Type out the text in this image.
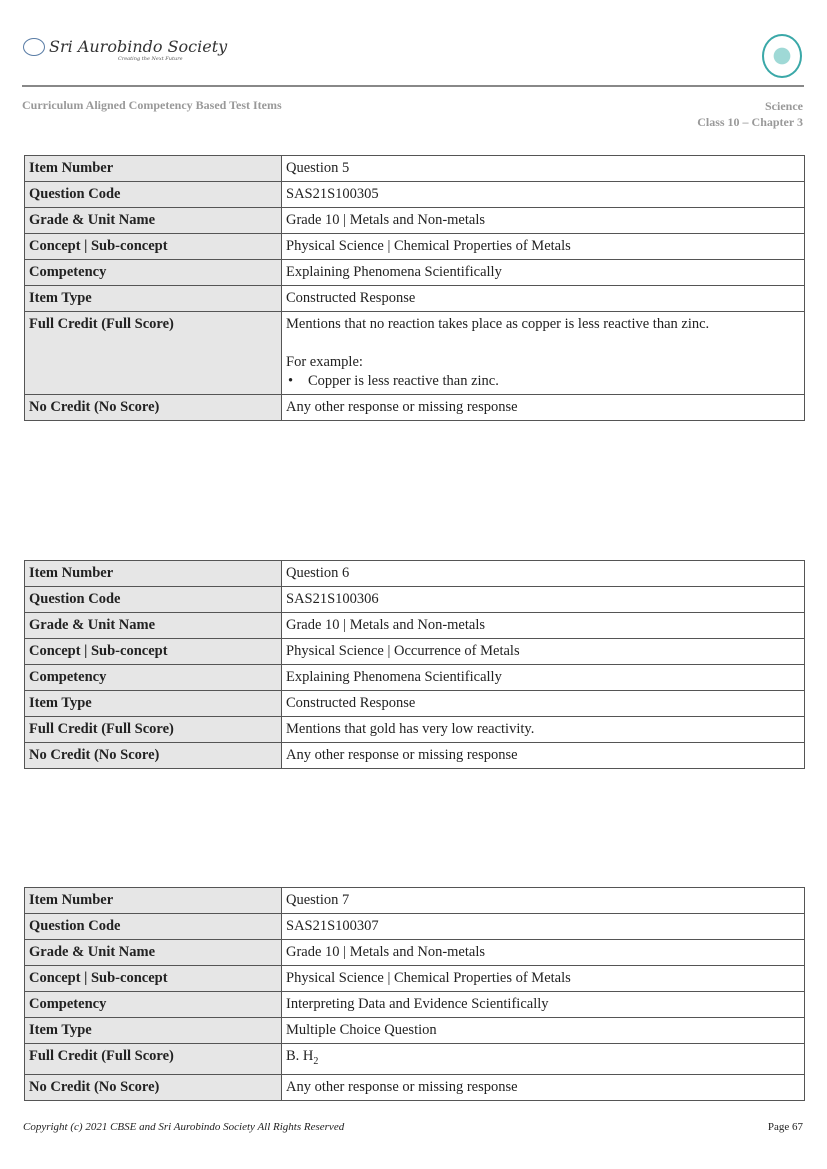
Sri Aurobindo Society
Creating the Next Future
Curriculum Aligned Competency Based Test Items	Science
Class 10 – Chapter 3
Item Number	Question 5

Question Code	SAS21S100305

Grade & Unit Name	Grade 10 | Metals and Non-metals

Concept | Sub-concept	Physical Science | Chemical Properties of Metals

Competency	Explaining Phenomena Scientifically

Item Type	Constructed Response

Full Credit (Full Score)	Mentions that no reaction takes place as copper is less reactive than zinc.

For example:
• Copper is less reactive than zinc.

No Credit (No Score)	Any other response or missing response
Item Number	Question 6

Question Code	SAS21S100306

Grade & Unit Name	Grade 10 | Metals and Non-metals

Concept | Sub-concept	Physical Science | Occurrence of Metals

Competency	Explaining Phenomena Scientifically

Item Type	Constructed Response

Full Credit (Full Score)	Mentions that gold has very low reactivity.

No Credit (No Score)	Any other response or missing response
Item Number	Question 7

Question Code	SAS21S100307

Grade & Unit Name	Grade 10 | Metals and Non-metals

Concept | Sub-concept	Physical Science | Chemical Properties of Metals

Competency	Interpreting Data and Evidence Scientifically

Item Type	Multiple Choice Question

Full Credit (Full Score)	B. $H_2$

No Credit (No Score)	Any other response or missing response
Copyright (c) 2021 CBSE and Sri Aurobindo Society All Rights Reserved	Page 67
